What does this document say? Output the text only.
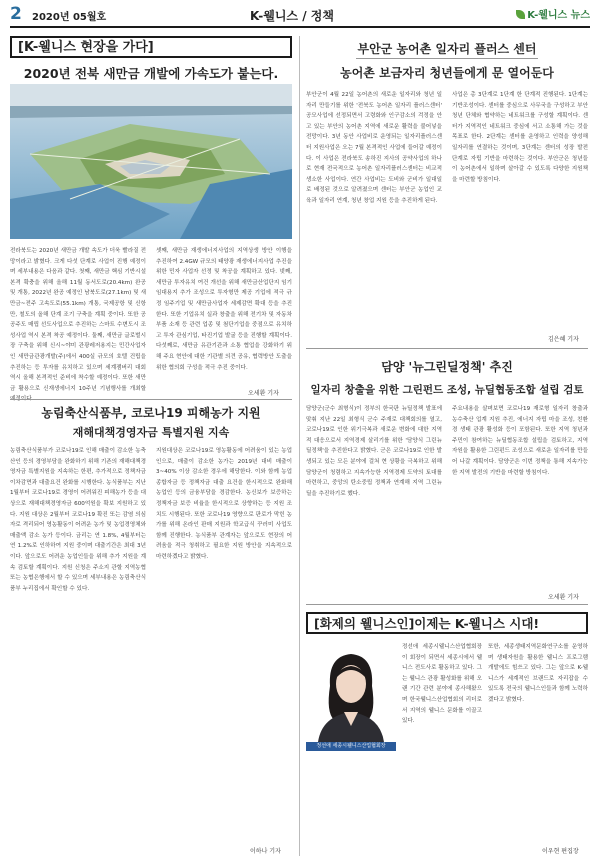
2 2020년 05월호	K-웰니스 / 정책	K-웰니스 뉴스
[K-웰니스 현장을 가다]
2020년 전북 새만금 개발에 가속도가 붙는다.
전라북도는 2020년 새만금 개발 속도가 더욱 빨라질 전망이라고 밝혔다. 크게 다섯 단계로 사업이 진행 예정이며 세부내용은 다음과 같다. 첫째, 새만금 핵심 기반시설 본격 확충을 위해 올해 11월 동서도로(20.4km) 완공 및 개통, 2022년 완공 예정인 남북도로(27.1km) 및 새만금~전주 고속도로(55.1km) 개통, 국제공항 및 신항만, 철도의 올해 단계 조기 구축을 계획 중이다. 또한 공공주도 매립 선도사업으로 추진하는 스마트 수변도시 조성사업 역시 본격 착공 예정이다. 둘째, 새만금 글로벌시장 구축을 위해 신시~야미 관광레저용지는 민간사업자인 새만금관광개발(주)에서 400실 규모의 호텔 건립을 추진하는 등 투자를 유치하고 있으며 세계잼버리 대회 역시 올해 본격적인 준비에 착수할 예정이다. 또한 새만금 활용으로 신재생에너지 10주년 기념행사를 개최할
셋째, 새만금 재생에너지사업의 지역상생 방안 이행을 추진하여 2.4GW 규모의 태양광 재생에너지사업 추진을 위한 민자 사업자 선정 및 착공을 계획하고 있다. 넷째, 새만금 투자유치 여건 개선을 위해 새만금산업단지 임기임대용지 추가 조성으로 투자형만 제공 기업에 적극 규정 임주기업 및 새만금사업자 세제감면 확대 등을 추진한다. 또한 기업유치 실과 창출을 위해 전기차 및 자동차부품 소재 등 관련 업종 및 첨단기업을 중점으로 유치하고 투자 관심기업, 타진기업 발굴 등을 진행할 계획이다. 다섯째로, 새만금 유관기관과 소통 협업을 강화하기 위해 주요 현안에 대한 기관별 의견 공유, 협력방안 도출을 위한 협의회 구성을 적극 추진 중이다.
오세환 기자
농림축산식품부, 코로나19 피해농가 지원
재해대책경영자금 특별지원 지속
농림축산식품부가 코로나19로 인해 매출이 감소한 농축산인 등의 경영부담을 완화하기 위해 기존의 재해대책경영자금 특별지원을 지속하는 한편, 추가적으로 정책자금 이차감면과 대출요건 완화를 시행한다. 농식품부는 지난 1월부터 코로나19로 경영이 어려워진 피해농가 등을 대상으로 재해대책경영자금 600억원을 확보 지원하고 있다. 지원 대상은 2월부터 코로나19 확진 또는 감염 의심자로 격리되어 영농활동이 어려운 농가 및 농업경영체와 매출액 감소 농가 등이다. 금리는 연 1.8%, 4월부터는 연 1.2%로 인하하여 지원 중이며 대출기간은 최대 3년이다. 앞으로도 어려운 농업인들을 위해 추가 지원을 계속 검토할 계획이다. 지원 신청은 주소지 관할 지역농협 또는 농협은행에서 할 수 있으며 세부내용은 농림축산식품부 누리집에서 확인할 수 있다.
지원대상은 코로나19로 영농활동에 어려움이 있는 농업인으로, 매출이 감소한 농가는 2019년 대비 매출이 3~40% 이상 감소한 경우에 해당한다. 이와 함께 농업종합자금 등 정책자금 대출 요건을 한시적으로 완화해 농업인 등의 금융부담을 경감한다. 농신보가 보증하는 정책자금 보증 비율을 한시적으로 상향하는 등 지원 조치도 시행된다. 또한 코로나19 영향으로 판로가 막힌 농가를 위해 온라인 판매 지원과 학교급식 꾸러미 사업도 함께 진행한다. 농식품부 관계자는 앞으로도 현장의 어려움을 적극 청취하고 필요한 지원 방안을 지속적으로 마련하겠다고 밝혔다.
이하나 기자
부안군 농어촌 일자리 플러스 센터
농어촌 보금자리 청년들에게 문 열어둔다
부안군이 4월 22일 농어촌의 새로운 일자리와 청년 일자리 만들기를 위한 '전북도 농어촌 일자리 플러스센터' 공모사업에 선정되면서 고령화와 인구감소의 걱정을 안고 있는 부안의 농어촌 지역에 새로운 활력을 불어넣을 전망이다. 3년 동안 사업비로 운영되는 일자리플러스센터 지원사업은 오는 7월 본격적인 사업에 들어갈 예정이다. 이 사업은 전라북도 송하진 지사의 공약사업의 하나로 현재 전국적으로 농어촌 일자리플러스센터는 비교적 생소한 사업이다. 연간 사업비는 도비와 군비가 일대일로 배정된 것으로 알려졌으며 센터는 부안군 농업인 교육과 일자리 연계, 청년 창업 지원 등을 추진하게 된다.
사업은 총 3단계로 1단계 한 단계적 진행된다. 1단계는 기반조성이다. 센터를 중심으로 사무국을 구성하고 부안 청년 단체와 협약하는 네트워크를 구성할 계획이다. 센터가 지역적인 네트워크 중심에 서고 소통해 가는 것을 목표로 한다. 2단계는 센터를 운영하고 인력을 양성해 일자리를 연결하는 것이며, 3단계는 센터의 성장 발전 단계로 자립 기반을 마련하는 것이다. 부안군은 청년들이 농어촌에서 일하며 살아갈 수 있도록 다양한 지원책을 마련할 방침이다.
김은혜 기자
담양 '뉴그린딜정책' 추진
일자리 창출을 위한 그린펀드 조성, 뉴딜협동조합 설립 검토
담양군(군수 최형식)이 정부의 한국판 뉴딜정책 발표에 맞춰 지난 22일 최형식 군수 주재로 대책회의를 열고, 코로나19로 인한 위기극복과 새로운 변화에 대한 지역적 대응으로서 지역경제 살리기를 위한 '담양식 그린뉴딜정책'을 추진한다고 밝혔다. 군은 코로나19로 인한 발생되고 있는 모든 분야에 걸쳐 현 상황을 극복하고 위해 담양군이 청렴하고 지속가능한 지역경제 도약의 토대를 마련하고, 중앙의 탄소중립 정책과 연계해 지역 그린뉴딜을 추진하기로 했다.
주요내용을 살펴보면 코로나19 재로형 일자리 창출과 농수축산 업계 지원 추진, 에너지 자립 마을 조성, 친환경 생태 관광 활성화 등이 포함된다. 또한 지역 청년과 주민이 참여하는 뉴딜협동조합 설립을 검토하고, 지역 자원을 활용한 그린펀드 조성으로 새로운 일자리를 만들어 나갈 계획이다. 담양군은 이번 정책을 통해 지속가능한 지역 발전의 기반을 마련할 방침이다.
오세환 기자
[화제의 웰니스인]이제는 K-웰니스 시대!
정선애 세종시웰니스산업협회장
정선애 세종시웰니스산업협회장이 회장이 되면서 세종시에서 웰니스 전도사로 활동하고 있다. 그는 웰니스 관광 활성화를 위해 오랜 기간 관련 분야에 종사해왔으며 한국웰니스산업협회의 리더로서 지역의 웰니스 문화를 이끌고 있다.
또한, 세종생태지역문화연구소를 운영하며 생태자원을 활용한 웰니스 프로그램 개발에도 힘쓰고 있다. 그는 앞으로 K-웰니스가 세계적인 브랜드로 자리잡을 수 있도록 전국의 웰니스인들과 함께 노력하겠다고 밝혔다.
이우현 편집장
